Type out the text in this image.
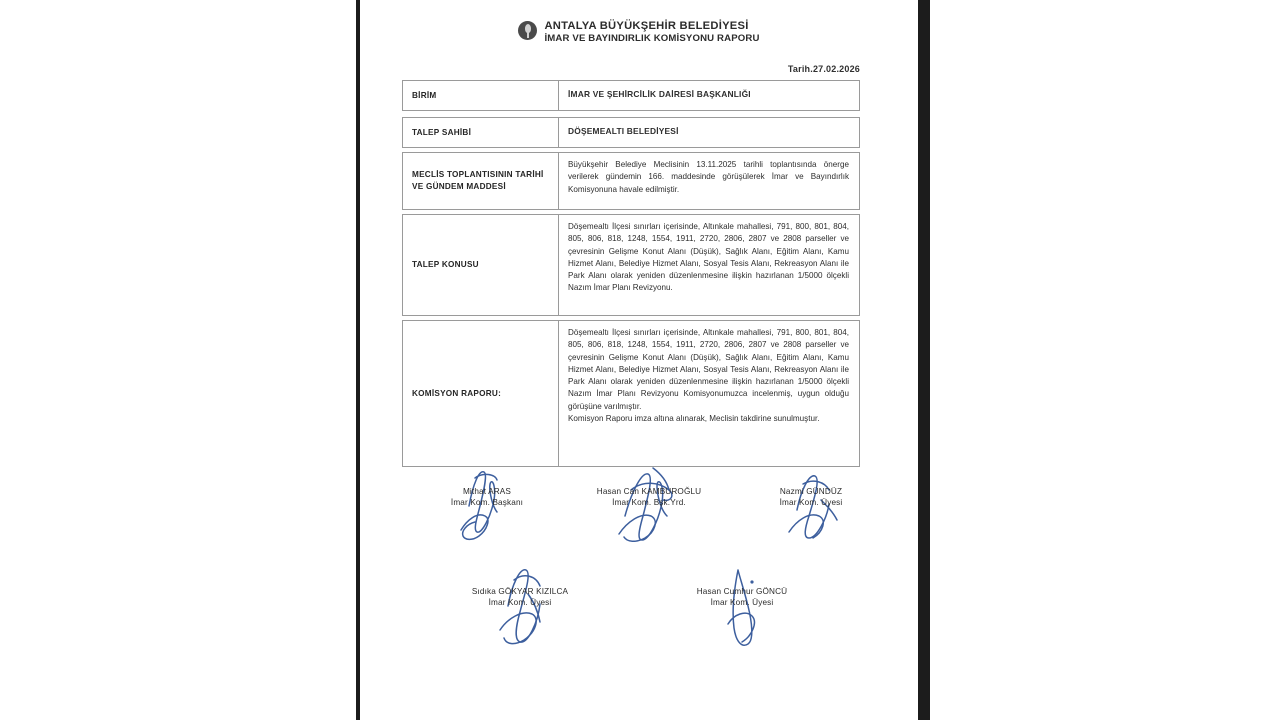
ANTALYA BÜYÜKŞEHİR BELEDİYESİ
İMAR VE BAYINDIRLIK KOMİSYONU RAPORU
Tarih.27.02.2026
BİRİM	İMAR VE ŞEHİRCİLİK DAİRESİ BAŞKANLIĞI
TALEP SAHİBİ	DÖŞEMEALTI BELEDİYESİ
MECLİS TOPLANTISININ TARİHİ VE GÜNDEM MADDESİ
Büyükşehir Belediye Meclisinin 13.11.2025 tarihli toplantısında önerge verilerek gündemin 166. maddesinde görüşülerek İmar ve Bayındırlık Komisyonuna havale edilmiştir.
TALEP KONUSU
Döşemealtı İlçesi sınırları içerisinde, Altınkale mahallesi, 791, 800, 801, 804, 805, 806, 818, 1248, 1554, 1911, 2720, 2806, 2807 ve 2808 parseller ve çevresinin Gelişme Konut Alanı (Düşük), Sağlık Alanı, Eğitim Alanı, Kamu Hizmet Alanı, Belediye Hizmet Alanı, Sosyal Tesis Alanı, Rekreasyon Alanı ile Park Alanı olarak yeniden düzenlenmesine ilişkin hazırlanan 1/5000 ölçekli Nazım İmar Planı Revizyonu.
KOMİSYON RAPORU:

Döşemealtı İlçesi sınırları içerisinde, Altınkale mahallesi, 791, 800, 801, 804, 805, 806, 818, 1248, 1554, 1911, 2720, 2806, 2807 ve 2808 parseller ve çevresinin Gelişme Konut Alanı (Düşük), Sağlık Alanı, Eğitim Alanı, Kamu Hizmet Alanı, Belediye Hizmet Alanı, Sosyal Tesis Alanı, Rekreasyon Alanı ile Park Alanı olarak yeniden düzenlenmesine ilişkin hazırlanan 1/5000 ölçekli Nazım İmar Planı Revizyonu Komisyonumuzca incelenmiş, uygun olduğu görüşüne varılmıştır.

Komisyon Raporu imza altına alınarak, Meclisin takdirine sunulmuştur.

Mithat ARAS
İmar Kom. Başkanı
Hasan Can KAMBUROĞLU
İmar Kom. Bşk.Yrd.
Nazmi GÜNDÜZ
İmar Kom. Üyesi
Sıdıka GÖKYAR KIZILCA
İmar Kom. Üyesi
Hasan Cumhur GÖNCÜ
İmar Kom. Üyesi
